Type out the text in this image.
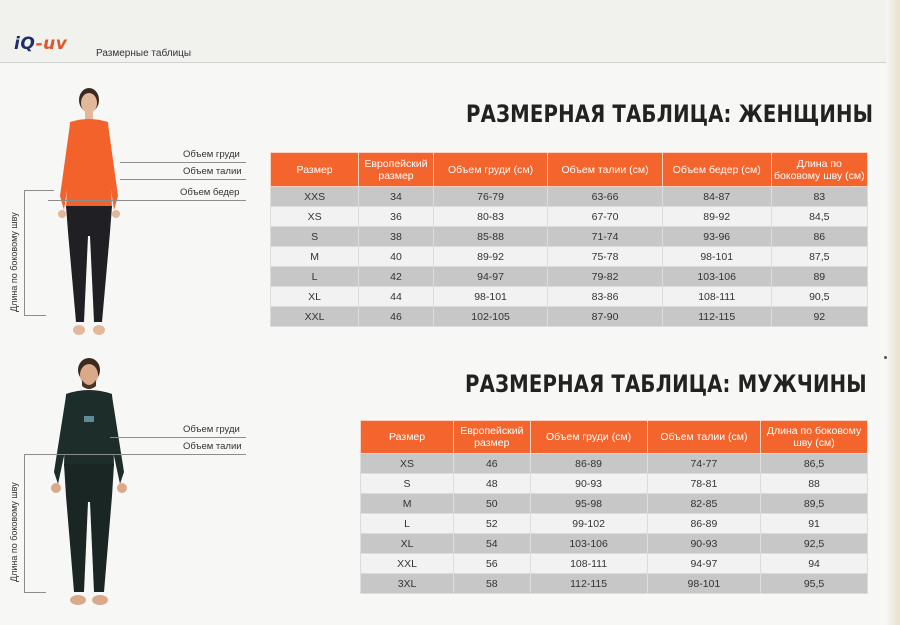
iQ-uv	Размерные таблицы
РАЗМЕРНАЯ ТАБЛИЦА: ЖЕНЩИНЫ
Объем груди
Объем талии
Объем бедер
Длина по боковому шву
Размер	Европейский размер	Объем груди (см)	Объем талии (см)	Объем бедер (см)	Длина по боковому шву (см)
XXS	34	76-79	63-66	84-87	83
XS	36	80-83	67-70	89-92	84,5
S	38	85-88	71-74	93-96	86
M	40	89-92	75-78	98-101	87,5
L	42	94-97	79-82	103-106	89
XL	44	98-101	83-86	108-111	90,5
XXL	46	102-105	87-90	112-115	92
РАЗМЕРНАЯ ТАБЛИЦА: МУЖЧИНЫ
Объем груди
Объем талии
Длина по боковому шву
Размер	Европейский размер	Объем груди (см)	Объем талии (см)	Длина по боковому шву (см)
XS	46	86-89	74-77	86,5
S	48	90-93	78-81	88
M	50	95-98	82-85	89,5
L	52	99-102	86-89	91
XL	54	103-106	90-93	92,5
XXL	56	108-111	94-97	94
3XL	58	112-115	98-101	95,5
